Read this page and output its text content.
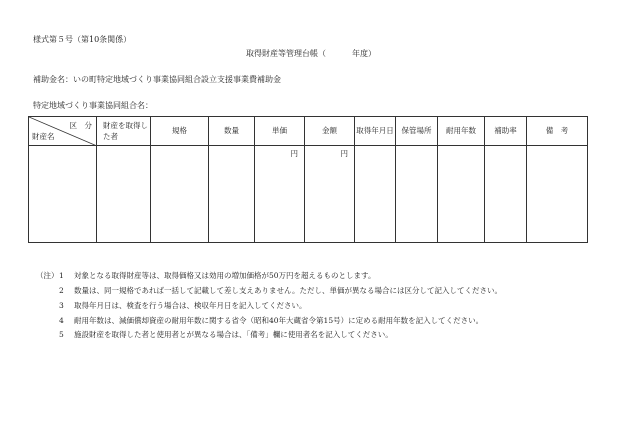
様式第５号（第10条関係）
取得財産等管理台帳（	年度）
補助金名：いの町特定地域づくり事業協同組合設立支援事業費補助金
特定地域づくり事業協同組合名：
区　分
財産名	財産を取得した者	規格	数量	単価	金額	取得年月日	保管場所	耐用年数	補助率	備　考

				円	円					

（注） 1 対象となる取得財産等は、取得価格又は効用の増加価格が50万円を超えるものとします。
2 数量は、同一規格であれば一括して記載して差し支えありません。ただし、単価が異なる場合には区分して記入してください。
3 取得年月日は、検査を行う場合は、検収年月日を記入してください。
4 耐用年数は、減価償却資産の耐用年数に関する省令（昭和40年大蔵省令第15号）に定める耐用年数を記入してください。
5 施設財産を取得した者と使用者とが異なる場合は、「備考」欄に使用者名を記入してください。
